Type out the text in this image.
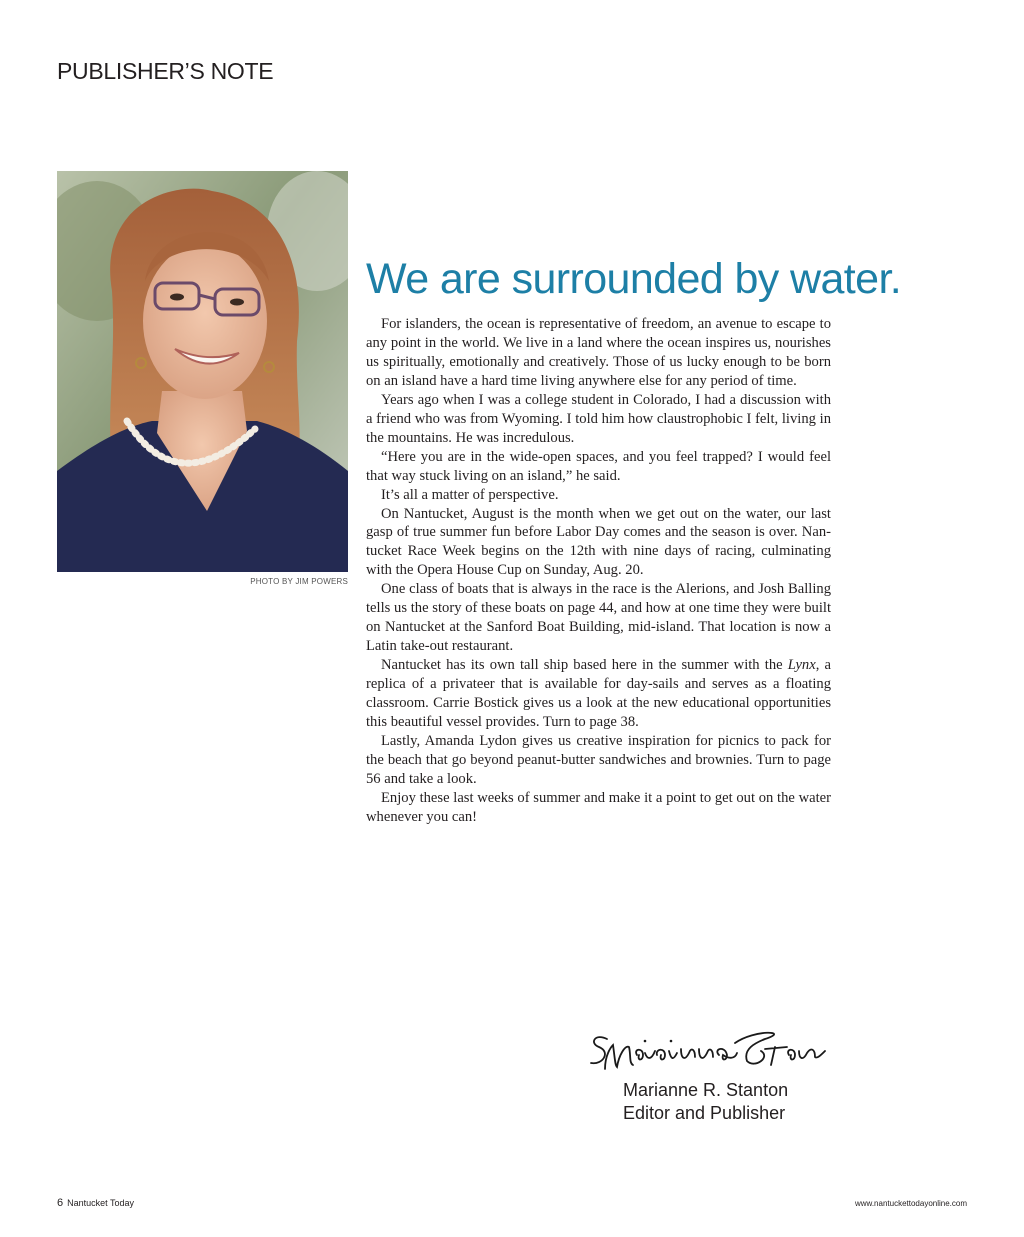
PUBLISHER’S NOTE
PHOTO BY JIM POWERS
We are surrounded by water.

For islanders, the ocean is representative of freedom, an avenue to escape to any point in the world. We live in a land where the ocean inspires us, nourishes us spiritually, emotionally and creatively. Those of us lucky enough to be born on an island have a hard time living anywhere else for any period of time.

Years ago when I was a college student in Colorado, I had a discussion with a friend who was from Wyoming. I told him how claustrophobic I felt, living in the mountains. He was incredulous.

“Here you are in the wide-open spaces, and you feel trapped? I would feel that way stuck living on an island,” he said.

It’s all a matter of perspective.

On Nantucket, August is the month when we get out on the water, our last gasp of true summer fun before Labor Day comes and the season is over. Nantucket Race Week begins on the 12th with nine days of racing, culminating with the Opera House Cup on Sunday, Aug. 20.

One class of boats that is always in the race is the Alerions, and Josh Balling tells us the story of these boats on page 44, and how at one time they were built on Nantucket at the Sanford Boat Building, mid-island. That location is now a Latin take-out restaurant.

Nantucket has its own tall ship based here in the summer with the Lynx, a replica of a privateer that is available for day-sails and serves as a floating classroom. Carrie Bostick gives us a look at the new educational opportunities this beautiful vessel provides. Turn to page 38.

Lastly, Amanda Lydon gives us creative inspiration for picnics to pack for the beach that go beyond peanut-butter sandwiches and brownies. Turn to page 56 and take a look.

Enjoy these last weeks of summer and make it a point to get out on the water whenever you can!

Marianne R. Stanton
Editor and Publisher
6 Nantucket Today	www.nantuckettodayonline.com
